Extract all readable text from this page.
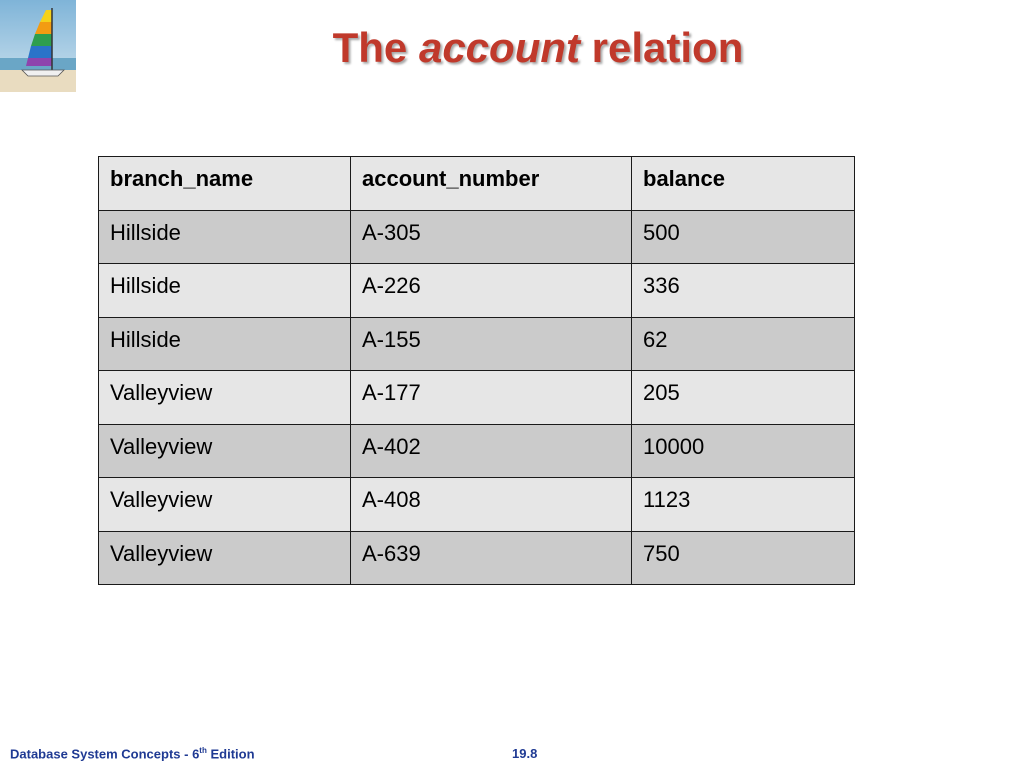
The account relation
branch_name	account_number	balance
Hillside	A-305	500
Hillside	A-226	336
Hillside	A-155	62
Valleyview	A-177	205
Valleyview	A-402	10000
Valleyview	A-408	1123
Valleyview	A-639	750
Database System Concepts - 6th Edition	19.8
